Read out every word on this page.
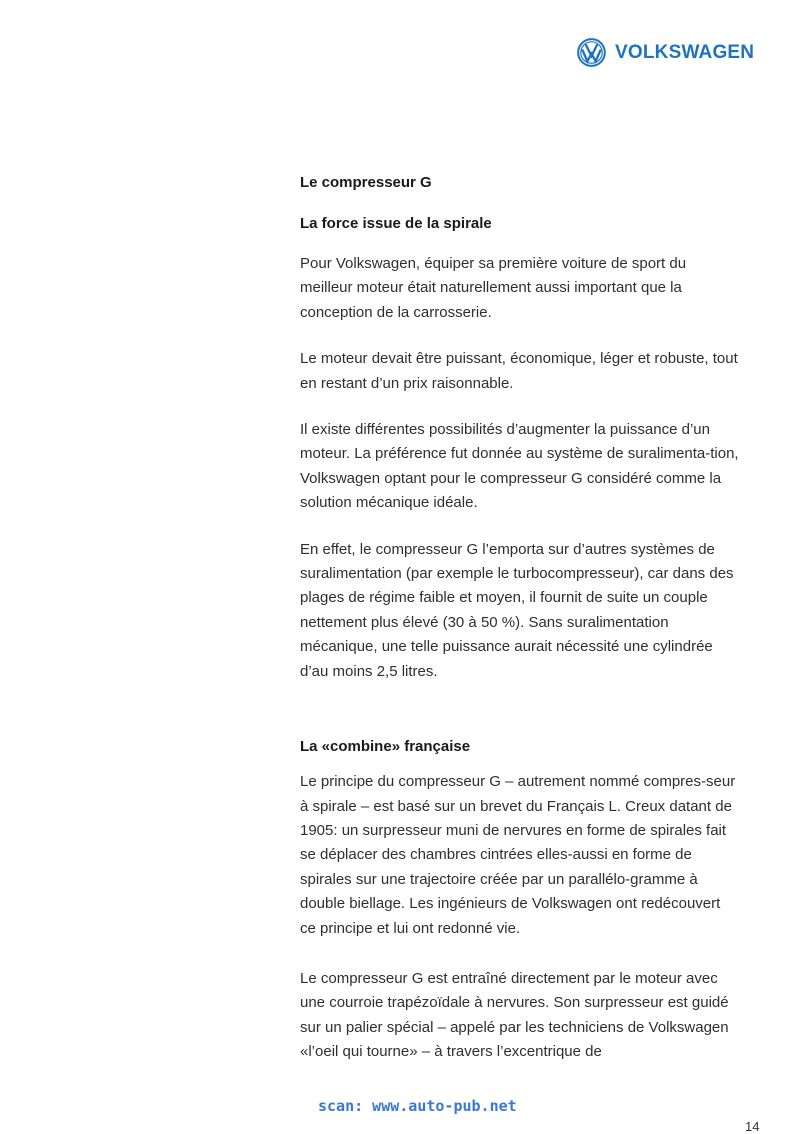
VOLKSWAGEN
Le compresseur G
La force issue de la spirale

Pour Volkswagen, équiper sa première voiture de sport du meilleur moteur était naturellement aussi important que la conception de la carrosserie.

Le moteur devait être puissant, économique, léger et robuste, tout en restant d’un prix raisonnable.

Il existe différentes possibilités d’augmenter la puissance d’un moteur. La préférence fut donnée au système de suralimenta-tion, Volkswagen optant pour le compresseur G considéré comme la solution mécanique idéale.

En effet, le compresseur G l’emporta sur d’autres systèmes de suralimentation (par exemple le turbocompresseur), car dans des plages de régime faible et moyen, il fournit de suite un couple nettement plus élevé (30 à 50 %). Sans suralimentation mécanique, une telle puissance aurait nécessité une cylindrée d’au moins 2,5 litres.

La «combine» française

Le principe du compresseur G – autrement nommé compres-seur à spirale – est basé sur un brevet du Français L. Creux datant de 1905: un surpresseur muni de nervures en forme de spirales fait se déplacer des chambres cintrées elles-aussi en forme de spirales sur une trajectoire créée par un parallélo-gramme à double biellage. Les ingénieurs de Volkswagen ont redécouvert ce principe et lui ont redonné vie.

Le compresseur G est entraîné directement par le moteur avec une courroie trapézoïdale à nervures. Son surpresseur est guidé sur un palier spécial – appelé par les techniciens de Volkswagen «l’oeil qui tourne» – à travers l’excentrique de

scan: www.auto-pub.net
14
